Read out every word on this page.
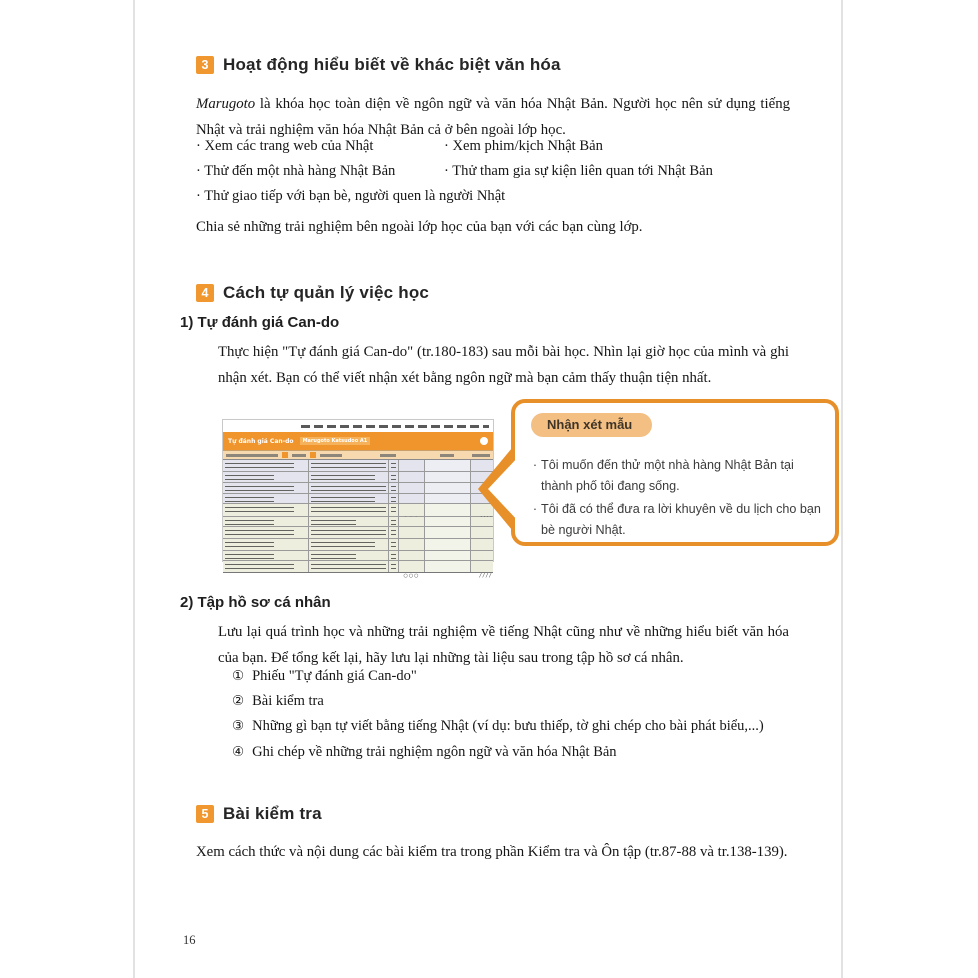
3 Hoạt động hiểu biết về khác biệt văn hóa
Marugoto là khóa học toàn diện về ngôn ngữ và văn hóa Nhật Bản. Người học nên sử dụng tiếng Nhật và trải nghiệm văn hóa Nhật Bản cả ở bên ngoài lớp học.
· Xem các trang web của Nhật	· Xem phim/kịch Nhật Bản
· Thử đến một nhà hàng Nhật Bản	· Thử tham gia sự kiện liên quan tới Nhật Bản
· Thử giao tiếp với bạn bè, người quen là người Nhật
Chia sẻ những trải nghiệm bên ngoài lớp học của bạn với các bạn cùng lớp.
4 Cách tự quản lý việc học
1) Tự đánh giá Can-do
Thực hiện "Tự đánh giá Can-do" (tr.180-183) sau mỗi bài học. Nhìn lại giờ học của mình và ghi nhận xét. Bạn có thể viết nhận xét bằng ngôn ngữ mà bạn cảm thấy thuận tiện nhất.
Tự đánh giá Can-do	Marugoto Katsudoo A1
○○○	/ / / /
Nhận xét mẫu
· Tôi muốn đến thử một nhà hàng Nhật Bản tại thành phố tôi đang sống.
· Tôi đã có thể đưa ra lời khuyên về du lịch cho bạn bè người Nhật.
2) Tập hồ sơ cá nhân
Lưu lại quá trình học và những trải nghiệm về tiếng Nhật cũng như về những hiểu biết văn hóa của bạn. Để tổng kết lại, hãy lưu lại những tài liệu sau trong tập hồ sơ cá nhân.
① Phiếu "Tự đánh giá Can-do"
② Bài kiểm tra
③ Những gì bạn tự viết bằng tiếng Nhật (ví dụ: bưu thiếp, tờ ghi chép cho bài phát biểu,...)
④ Ghi chép về những trải nghiệm ngôn ngữ và văn hóa Nhật Bản
5 Bài kiểm tra
Xem cách thức và nội dung các bài kiểm tra trong phần Kiểm tra và Ôn tập (tr.87-88 và tr.138-139).
16
